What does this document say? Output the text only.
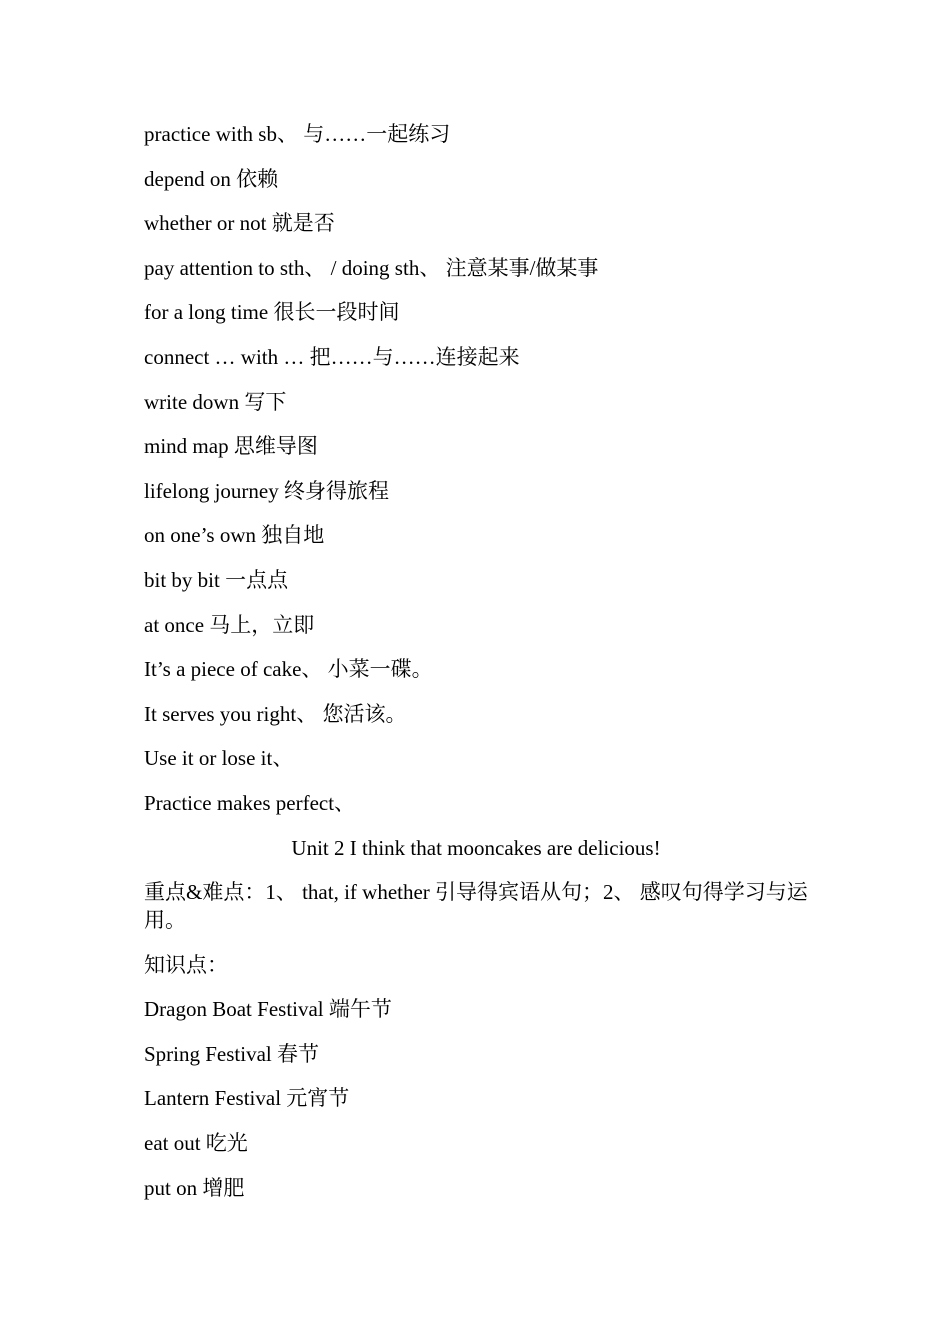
practice with sb、 与……一起练习
depend on 依赖
whether or not 就是否
pay attention to sth、 / doing sth、 注意某事/做某事
for a long time 很长一段时间
connect … with … 把……与……连接起来
write down 写下
mind map 思维导图
lifelong journey 终身得旅程
on one’s own 独自地
bit by bit 一点点
at once 马上，立即
It’s a piece of cake、 小菜一碟。
It serves you right、 您活该。
Use it or lose it、
Practice makes perfect、
Unit 2 I think that mooncakes are delicious!
重点&难点：1、 that, if whether 引导得宾语从句；2、 感叹句得学习与运用。
知识点：
Dragon Boat Festival 端午节
Spring Festival 春节
Lantern Festival 元宵节
eat out 吃光
put on 增肥
